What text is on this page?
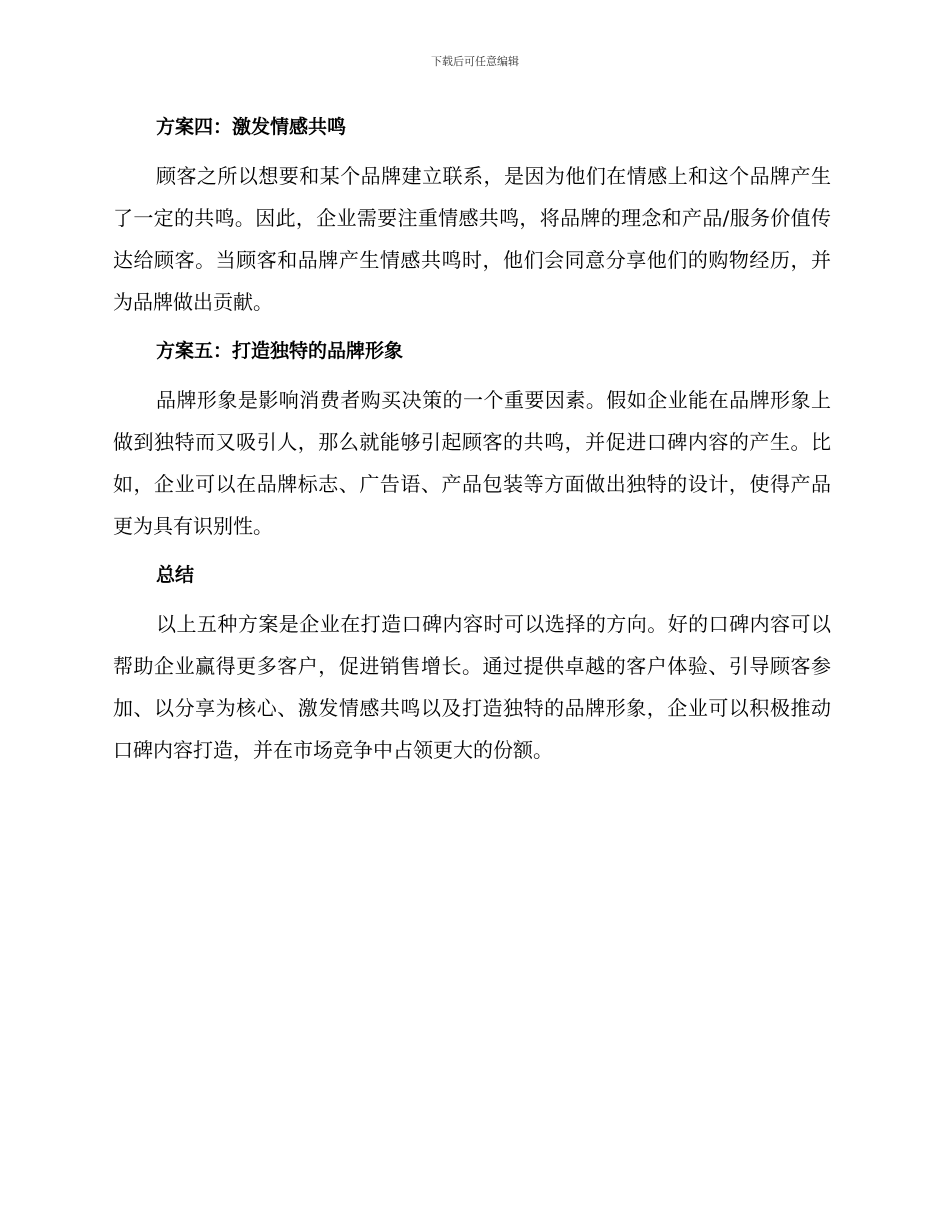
下载后可任意编辑
方案四：激发情感共鸣

顾客之所以想要和某个品牌建立联系，是因为他们在情感上和这个品牌产生了一定的共鸣。因此，企业需要注重情感共鸣，将品牌的理念和产品/服务价值传达给顾客。当顾客和品牌产生情感共鸣时，他们会同意分享他们的购物经历，并为品牌做出贡献。

方案五：打造独特的品牌形象

品牌形象是影响消费者购买决策的一个重要因素。假如企业能在品牌形象上做到独特而又吸引人，那么就能够引起顾客的共鸣，并促进口碑内容的产生。比如，企业可以在品牌标志、广告语、产品包装等方面做出独特的设计，使得产品更为具有识别性。

总结

以上五种方案是企业在打造口碑内容时可以选择的方向。好的口碑内容可以帮助企业赢得更多客户，促进销售增长。通过提供卓越的客户体验、引导顾客参加、以分享为核心、激发情感共鸣以及打造独特的品牌形象，企业可以积极推动口碑内容打造，并在市场竞争中占领更大的份额。
